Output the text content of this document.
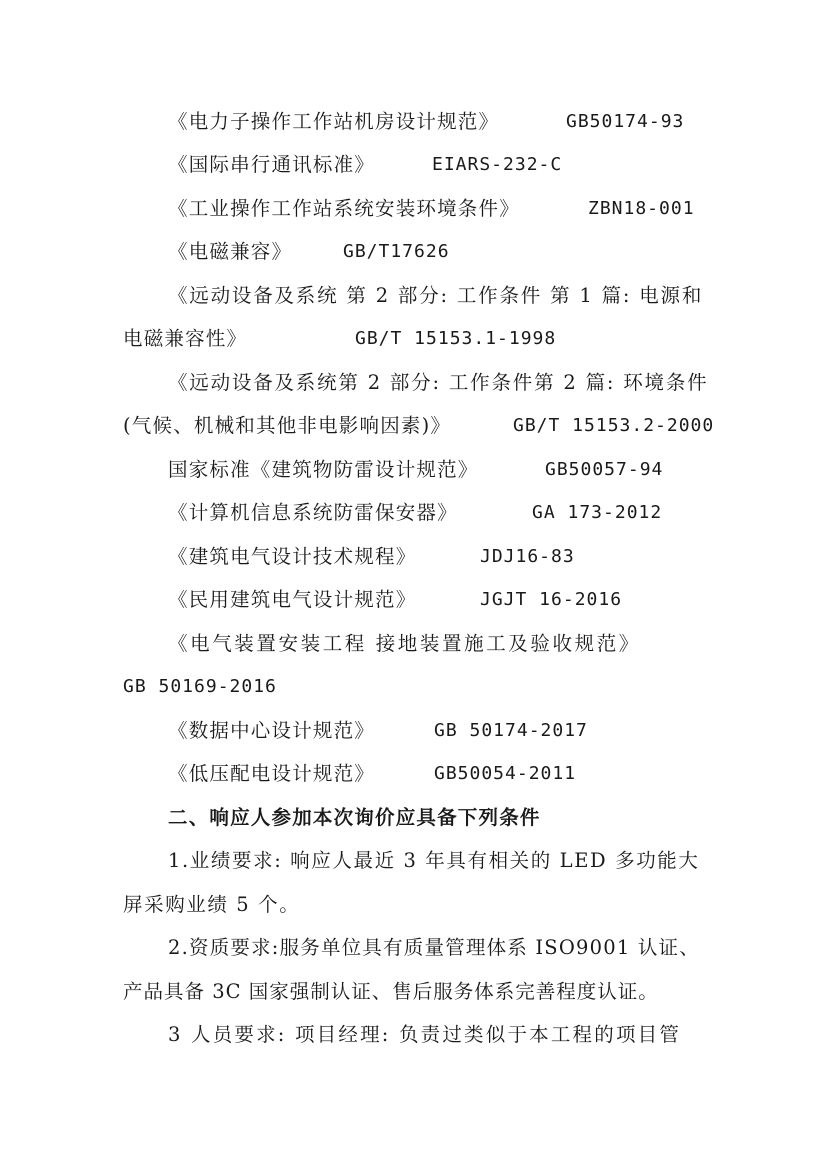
《电力子操作工作站机房设计规范》	GB50174-93
《国际串行通讯标准》	EIARS-232-C
《工业操作工作站系统安装环境条件》	ZBN18-001
《电磁兼容》	GB/T17626
《远动设备及系统 第 2 部分: 工作条件 第 1 篇: 电源和
电磁兼容性》	GB/T 15153.1-1998
《远动设备及系统第 2 部分: 工作条件第 2 篇: 环境条件
(气候、机械和其他非电影响因素)》	GB/T 15153.2-2000
国家标准《建筑物防雷设计规范》	GB50057-94
《计算机信息系统防雷保安器》	GA 173-2012
《建筑电气设计技术规程》	JDJ16-83
《民用建筑电气设计规范》	JGJT 16-2016
《电气装置安装工程 接地装置施工及验收规范》
GB 50169-2016
《数据中心设计规范》	GB 50174-2017
《低压配电设计规范》	GB50054-2011
二、响应人参加本次询价应具备下列条件
1.业绩要求: 响应人最近 3 年具有相关的 LED 多功能大
屏采购业绩 5 个。
2.资质要求:服务单位具有质量管理体系 ISO9001 认证、
产品具备 3C 国家强制认证、售后服务体系完善程度认证。
3 人员要求: 项目经理: 负责过类似于本工程的项目管
